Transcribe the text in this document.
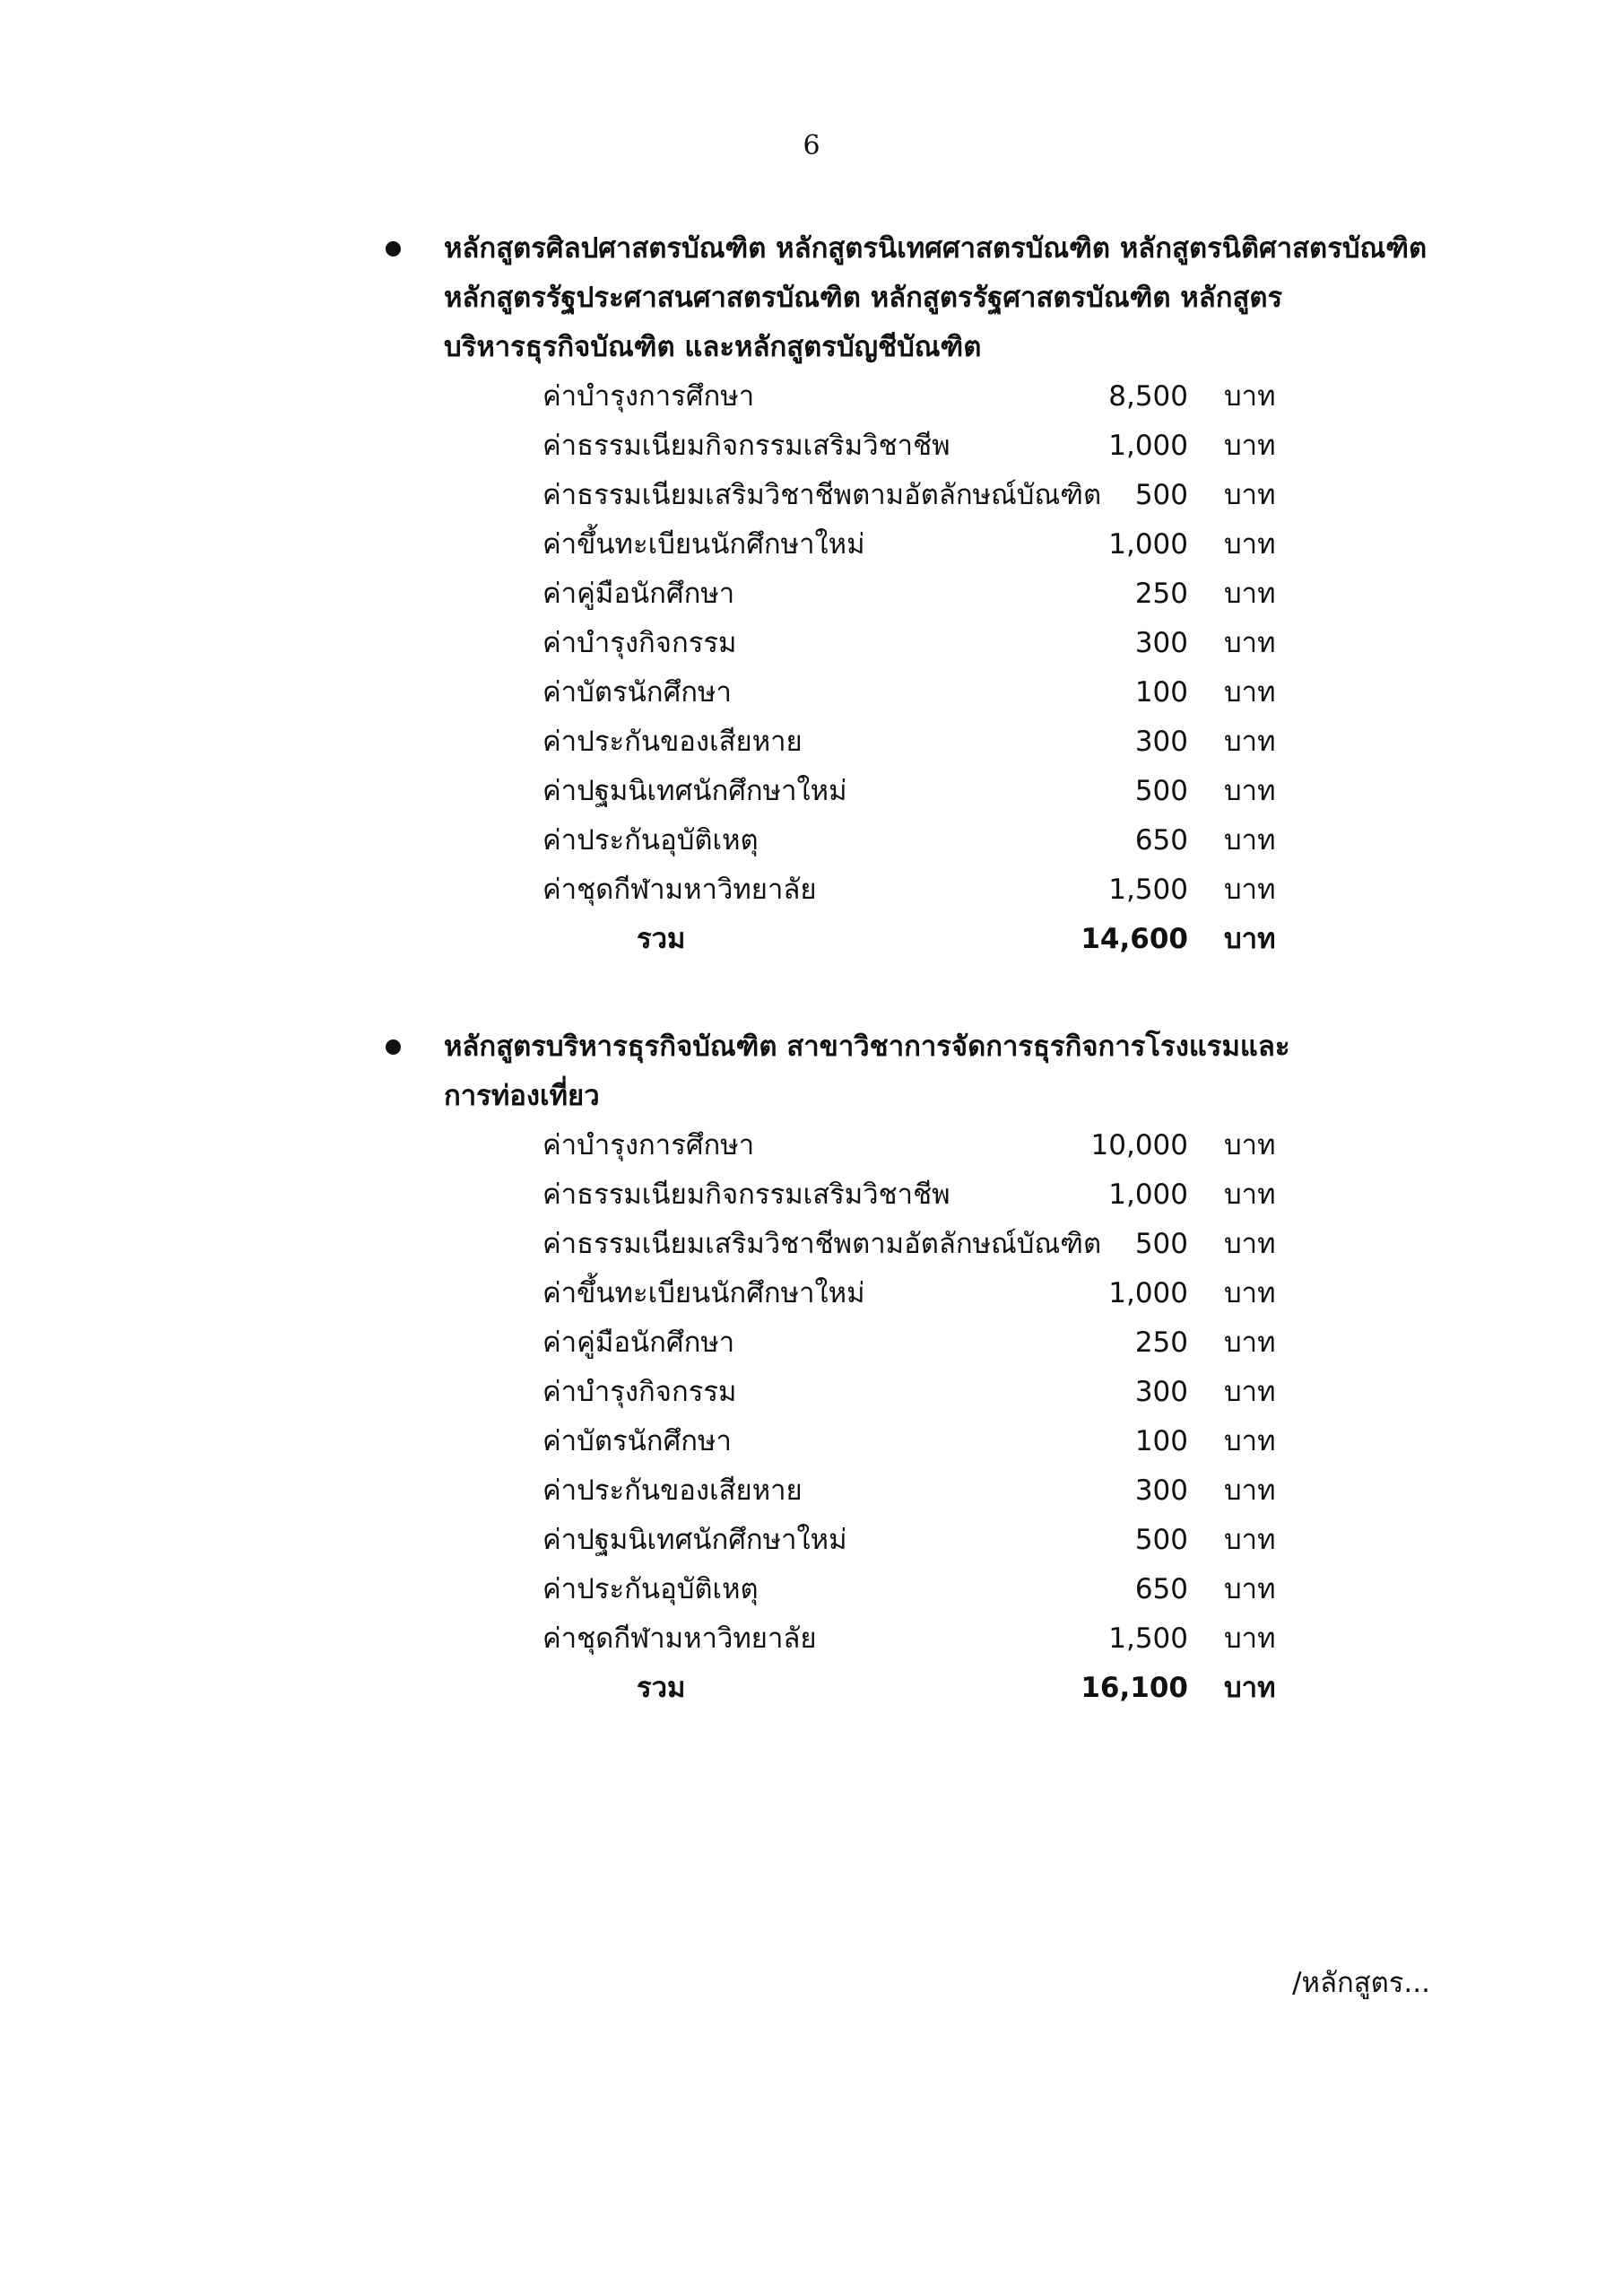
6
หลักสูตรศิลปศาสตรบัณฑิต หลักสูตรนิเทศศาสตรบัณฑิต หลักสูตรนิติศาสตรบัณฑิต
หลักสูตรรัฐประศาสนศาสตรบัณฑิต หลักสูตรรัฐศาสตรบัณฑิต หลักสูตร
บริหารธุรกิจบัณฑิต และหลักสูตรบัญชีบัณฑิต
ค่าบำรุงการศึกษา	8,500 บาท
ค่าธรรมเนียมกิจกรรมเสริมวิชาชีพ	1,000 บาท
ค่าธรรมเนียมเสริมวิชาชีพตามอัตลักษณ์บัณฑิต	500 บาท
ค่าขึ้นทะเบียนนักศึกษาใหม่	1,000 บาท
ค่าคู่มือนักศึกษา	250 บาท
ค่าบำรุงกิจกรรม	300 บาท
ค่าบัตรนักศึกษา	100 บาท
ค่าประกันของเสียหาย	300 บาท
ค่าปฐมนิเทศนักศึกษาใหม่	500 บาท
ค่าประกันอุบัติเหตุ	650 บาท
ค่าชุดกีฬามหาวิทยาลัย	1,500 บาท
รวม	14,600 บาท
หลักสูตรบริหารธุรกิจบัณฑิต สาขาวิชาการจัดการธุรกิจการโรงแรมและ
การท่องเที่ยว
ค่าบำรุงการศึกษา	10,000 บาท
ค่าธรรมเนียมกิจกรรมเสริมวิชาชีพ	1,000 บาท
ค่าธรรมเนียมเสริมวิชาชีพตามอัตลักษณ์บัณฑิต	500 บาท
ค่าขึ้นทะเบียนนักศึกษาใหม่	1,000 บาท
ค่าคู่มือนักศึกษา	250 บาท
ค่าบำรุงกิจกรรม	300 บาท
ค่าบัตรนักศึกษา	100 บาท
ค่าประกันของเสียหาย	300 บาท
ค่าปฐมนิเทศนักศึกษาใหม่	500 บาท
ค่าประกันอุบัติเหตุ	650 บาท
ค่าชุดกีฬามหาวิทยาลัย	1,500 บาท
รวม	16,100 บาท
/หลักสูตร...
